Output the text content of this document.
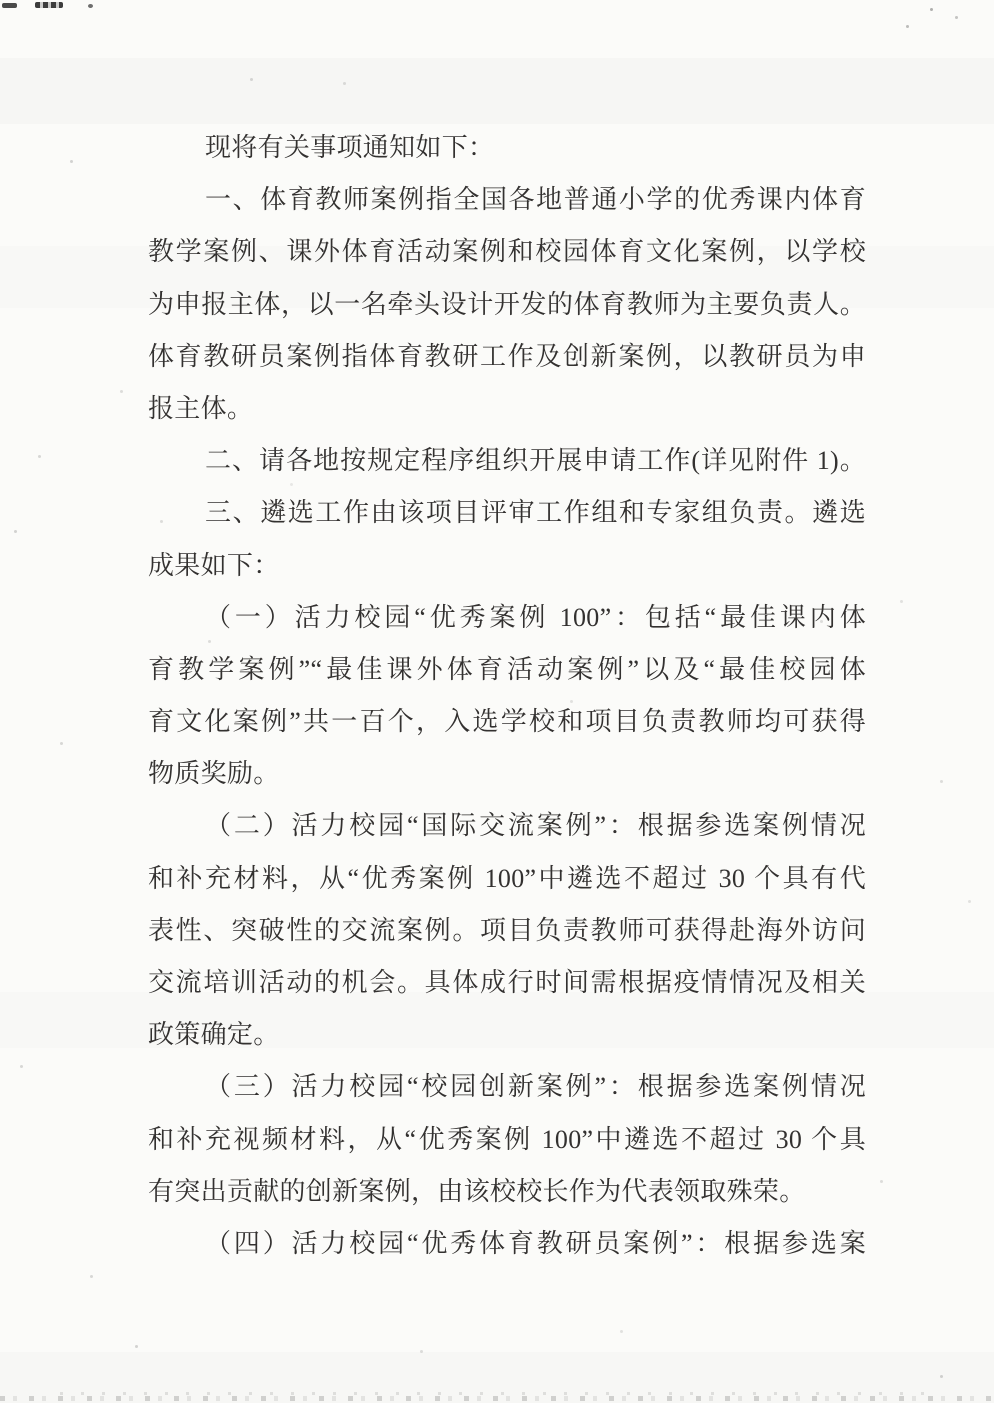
现将有关事项通知如下：
一、体育教师案例指全国各地普通小学的优秀课内体育
教学案例、课外体育活动案例和校园体育文化案例，以学校
为申报主体，以一名牵头设计开发的体育教师为主要负责人。
体育教研员案例指体育教研工作及创新案例，以教研员为申
报主体。
二、请各地按规定程序组织开展申请工作(详见附件 1)。
三、遴选工作由该项目评审工作组和专家组负责。遴选
成果如下：
（一）活力校园“优秀案例 100”：包括“最佳课内体
育教学案例”“最佳课外体育活动案例”以及“最佳校园体
育文化案例”共一百个，入选学校和项目负责教师均可获得
物质奖励。
（二）活力校园“国际交流案例”：根据参选案例情况
和补充材料，从“优秀案例 100”中遴选不超过 30 个具有代
表性、突破性的交流案例。项目负责教师可获得赴海外访问
交流培训活动的机会。具体成行时间需根据疫情情况及相关
政策确定。
（三）活力校园“校园创新案例”：根据参选案例情况
和补充视频材料，从“优秀案例 100”中遴选不超过 30 个具
有突出贡献的创新案例，由该校校长作为代表领取殊荣。
（四）活力校园“优秀体育教研员案例”：根据参选案
